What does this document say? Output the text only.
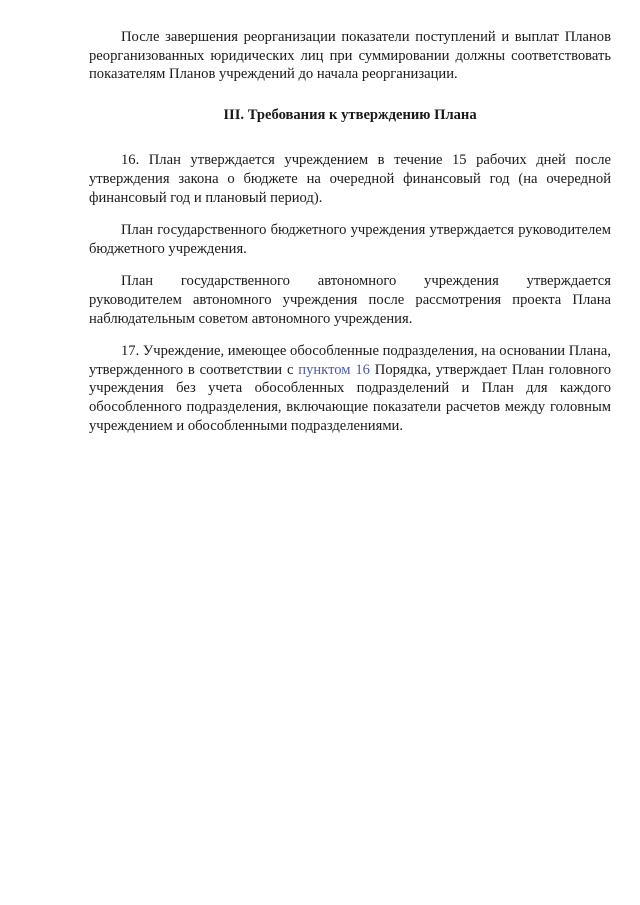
После завершения реорганизации показатели поступлений и выплат Планов реорганизованных юридических лиц при суммировании должны соответствовать показателям Планов учреждений до начала реорганизации.

III. Требования к утверждению Плана

16. План утверждается учреждением в течение 15 рабочих дней после утверждения закона о бюджете на очередной финансовый год (на очередной финансовый год и плановый период).

План государственного бюджетного учреждения утверждается руководителем бюджетного учреждения.

План государственного автономного учреждения утверждается руководителем автономного учреждения после рассмотрения проекта Плана наблюдательным советом автономного учреждения.

17. Учреждение, имеющее обособленные подразделения, на основании Плана, утвержденного в соответствии с пунктом 16 Порядка, утверждает План головного учреждения без учета обособленных подразделений и План для каждого обособленного подразделения, включающие показатели расчетов между головным учреждением и обособленными подразделениями.
